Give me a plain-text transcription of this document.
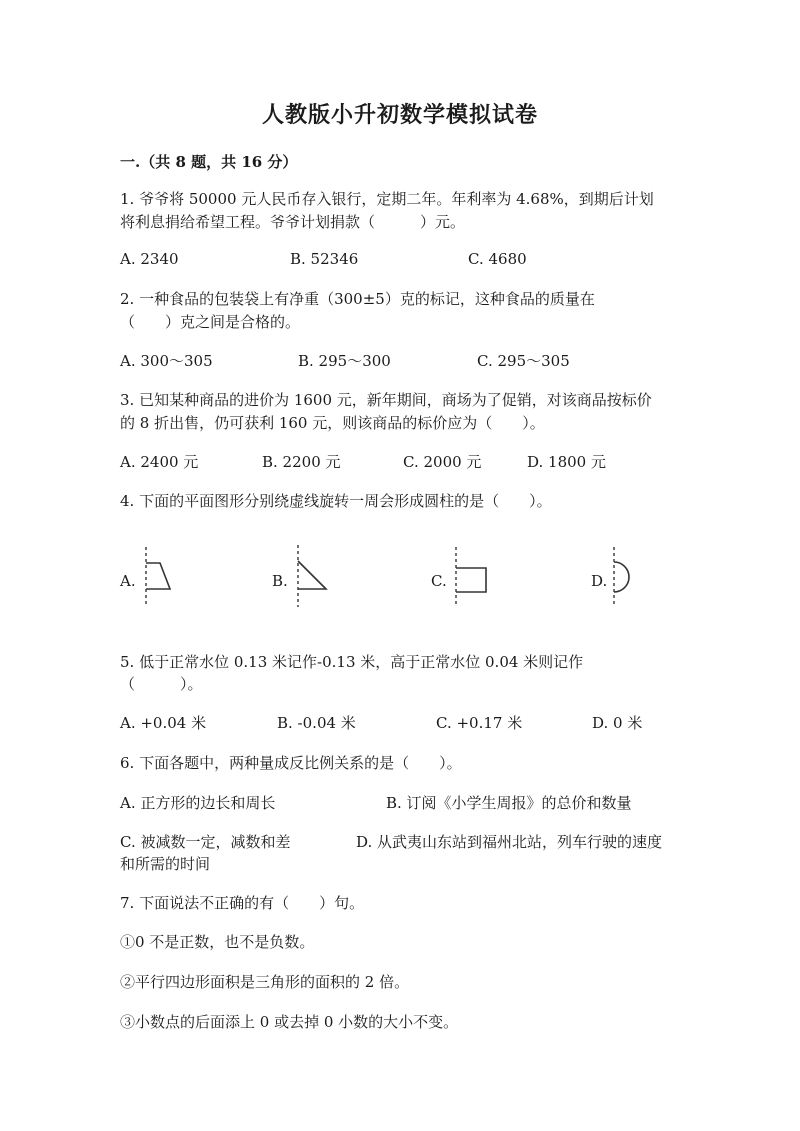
人教版小升初数学模拟试卷
一.（共 8 题，共 16 分）
1. 爷爷将 50000 元人民币存入银行，定期二年。年利率为 4.68%，到期后计划
将利息捐给希望工程。爷爷计划捐款（　　　）元。
A. 2340	B. 52346	C. 4680
2. 一种食品的包装袋上有净重（300±5）克的标记，这种食品的质量在
（　　）克之间是合格的。
A. 300～305	B. 295～300	C. 295～305
3. 已知某种商品的进价为 1600 元，新年期间，商场为了促销，对该商品按标价
的 8 折出售，仍可获利 160 元，则该商品的标价应为（　　）。
A. 2400 元	B. 2200 元	C. 2000 元	D. 1800 元
4. 下面的平面图形分别绕虚线旋转一周会形成圆柱的是（　　）。
A.	B.	C.	D.
5. 低于正常水位 0.13 米记作-0.13 米，高于正常水位 0.04 米则记作
（　　　）。
A. +0.04 米	B. -0.04 米	C. +0.17 米	D. 0 米
6. 下面各题中，两种量成反比例关系的是（　　）。
A. 正方形的边长和周长	B. 订阅《小学生周报》的总价和数量
C. 被减数一定，减数和差	D. 从武夷山东站到福州北站，列车行驶的速度
和所需的时间
7. 下面说法不正确的有（　　）句。
①0 不是正数，也不是负数。
②平行四边形面积是三角形的面积的 2 倍。
③小数点的后面添上 0 或去掉 0 小数的大小不变。
